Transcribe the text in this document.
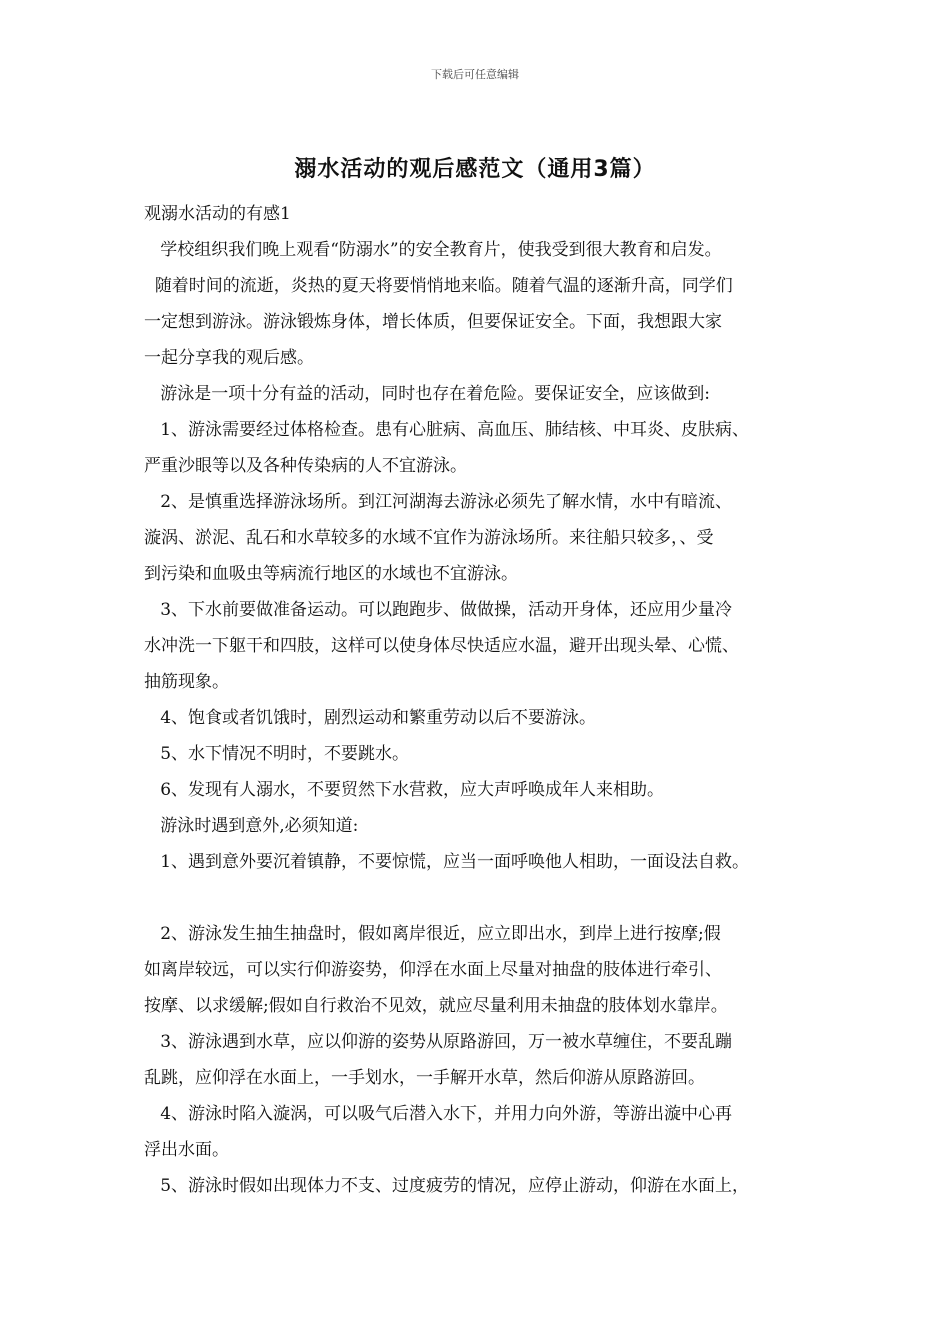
下载后可任意编辑
溺水活动的观后感范文（通用3篇）

观溺水活动的有感1

学校组织我们晚上观看“防溺水”的安全教育片，使我受到很大教育和启发。

随着时间的流逝，炎热的夏天将要悄悄地来临。随着气温的逐渐升高，同学们

一定想到游泳。游泳锻炼身体，增长体质，但要保证安全。下面，我想跟大家

一起分享我的观后感。

游泳是一项十分有益的活动，同时也存在着危险。要保证安全，应该做到:

1、游泳需要经过体格检查。患有心脏病、高血压、肺结核、中耳炎、皮肤病、

严重沙眼等以及各种传染病的人不宜游泳。

2、是慎重选择游泳场所。到江河湖海去游泳必须先了解水情，水中有暗流、

漩涡、淤泥、乱石和水草较多的水域不宜作为游泳场所。来往船只较多，、受

到污染和血吸虫等病流行地区的水域也不宜游泳。

3、下水前要做准备运动。可以跑跑步、做做操，活动开身体，还应用少量冷

水冲洗一下躯干和四肢，这样可以使身体尽快适应水温，避开出现头晕、心慌、

抽筋现象。

4、饱食或者饥饿时，剧烈运动和繁重劳动以后不要游泳。

5、水下情况不明时，不要跳水。

6、发现有人溺水，不要贸然下水营救，应大声呼唤成年人来相助。

游泳时遇到意外,必须知道:

1、遇到意外要沉着镇静，不要惊慌，应当一面呼唤他人相助，一面设法自救。

2、游泳发生抽生抽盘时，假如离岸很近，应立即出水，到岸上进行按摩;假

如离岸较远，可以实行仰游姿势，仰浮在水面上尽量对抽盘的肢体进行牵引、

按摩、以求缓解;假如自行救治不见效，就应尽量利用未抽盘的肢体划水靠岸。

3、游泳遇到水草，应以仰游的姿势从原路游回，万一被水草缠住，不要乱蹦

乱跳，应仰浮在水面上，一手划水，一手解开水草，然后仰游从原路游回。

4、游泳时陷入漩涡，可以吸气后潜入水下，并用力向外游，等游出漩中心再

浮出水面。

5、游泳时假如出现体力不支、过度疲劳的情况，应停止游动，仰游在水面上，
